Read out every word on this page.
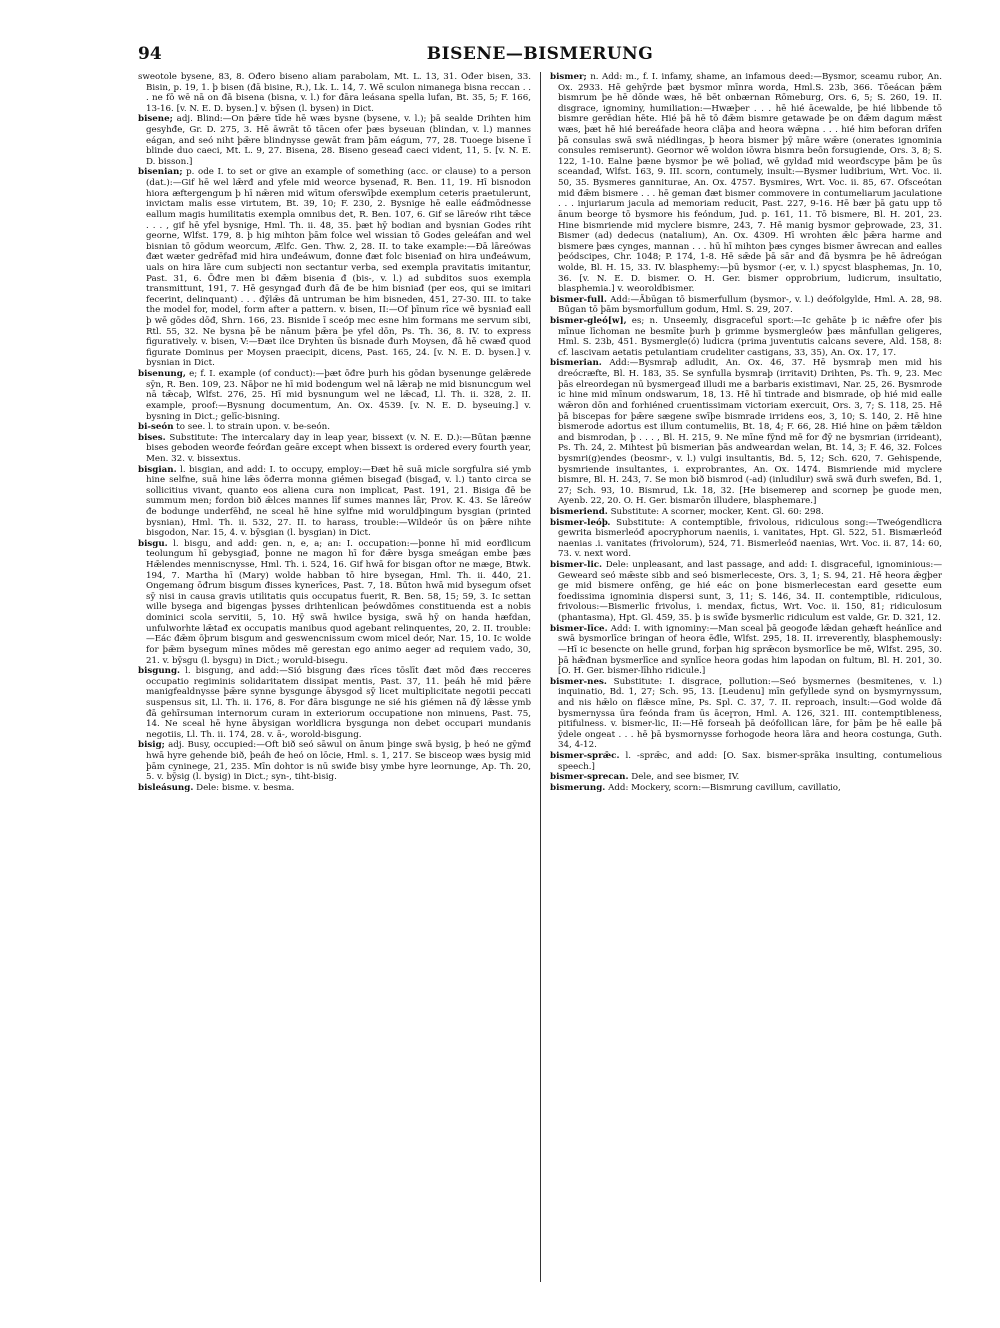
94	BISENE—BISMERUNG

sweotole bysene, 83, 8. Ōđero biseno aliam parabolam, Mt. L. 13, 31. Ōđer bisen, 33. Bisin, p. 19, 1. þ bisen (đā bisine, R.), Lk. L. 14, 7. Wē sculon nimanega bisna reccan . . . ne fō wē nā on đā bisena (bisna, v. l.) for đāra leásana spella lufan, Bt. 35, 5; F. 166, 13-16. [v. N. E. D. bysen.] v. bȳsen (l. bysen) in Dict.

bisene; adj. Blind:—On þǣre tīde hē wæs bysne (bysene, v. l.); þā sealde Drihten him gesyhđe, Gr. D. 275, 3. Hē āwrāt tō tācen ofer þæs byseuan (blindan, v. l.) mannes eágan, and seó niht þǣre blindnysse gewāt fram þām eágum, 77, 28. Tuoege bisene ī blinde duo caeci, Mt. L. 9, 27. Bisena, 28. Biseno geseađ caeci vident, 11, 5. [v. N. E. D. bisson.]

bisenian; p. ode I. to set or give an example of something (acc. or clause) to a person (dat.):—Gif hē wel lǣrđ and yfele mid weorce bysenađ, R. Ben. 11, 19. Hī bisnodon hiora æftergengum þ hī nǣren mid wītum oferswīþde exemplum ceteris praetulerunt, invictam malis esse virtutem, Bt. 39, 10; F. 230, 2. Bysnige hē ealle eáđmōdnesse eallum magis humilitatis exempla omnibus det, R. Ben. 107, 6. Gif se lāreów riht tǣce . . . , gif hē yfel bysnige, Hml. Th. ii. 48, 35. þæt hȳ bodian and bysnian Godes riht georne, Wlfst. 179, 8. þ hig mihton þām folce wel wissian tō Godes geleáfan and wel bisnian tō gōdum weorcum, Ælfc. Gen. Thw. 2, 28. II. to take example:—Đā lāreówas đæt wæter gedrēfađ mid hira unđeáwum, đonne đæt folc biseniađ on hira unđeáwum, uals on hira lāre cum subjecti non sectantur verba, sed exempla pravitatis imitantur, Past. 31, 6. Ōđre men bi đǣm bisenia đ (bis-, v. l.) ad subditos suos exempla transmittunt, 191, 7. Hē gesyngađ đurh đā đe be him bisniađ (per eos, qui se imitari fecerint, delinquant) . . . đȳlǣs đā untruman be him bisneden, 451, 27-30. III. to take the model for, model, form after a pattern. v. bisen, II:—Of þīnum rīce wē bysniađ eall þ wē gōdes dōđ, Shrn. 166, 23. Bisnide ī sceóp mec esne him formans me servum sibi, Rtl. 55, 32. Ne bysna þē be nānum þǣra þe yfel dōn, Ps. Th. 36, 8. IV. to express figuratively. v. bisen, V:—Đæt ilce Dryhten ūs bisnade đurh Moysen, đā hē cwæđ quod figurate Dominus per Moysen praecipit, dicens, Past. 165, 24. [v. N. E. D. bysen.] v. bysnian in Dict.

bisenung, e; f. I. example (of conduct):—þæt ōđre þurh his gōdan bysenunge gelǣrede sȳn, R. Ben. 109, 23. Nāþor ne hī mid bodengum wel nā lǣraþ ne mid bisnuncgum wel nā tǣcaþ, Wlfst. 276, 25. Hī mid bysnungum wel ne lǣcađ, Ll. Th. ii. 328, 2. II. example, proof:—Bysnung documentum, An. Ox. 4539. [v. N. E. D. byseuing.] v. bysning in Dict.; gelīc-bisning.

bi-seón to see. l. to strain upon. v. be-seón.

bises. Substitute: The intercalary day in leap year, bissext (v. N. E. D.):—Būtan þænne bises geboden weorđe feórđan geāre except when bissext is ordered every fourth year, Men. 32. v. bissextus.

bisgian. l. bisgian, and add: I. to occupy, employ:—Đæt hē suā micle sorgfulra sié ymb hine selfne, suā hine lǣs ōđerra monna giémen bisegađ (bisgađ, v. l.) tanto circa se sollicitius vivant, quanto eos aliena cura non implicat, Past. 191, 21. Bisiga đē be summum men; fordon bið ǣlces mannes līf sumes mannes lār, Prov. K. 43. Se lāreów đe bodunge underfēhđ, ne sceal hē hine sylfne mid woruldþingum bysgian (printed bysnian), Hml. Th. ii. 532, 27. II. to harass, trouble:—Wildeór ūs on þǣre nihte bisgodon, Nar. 15, 4. v. bȳsgian (l. bysgian) in Dict.

bisgu. l. bisgu, and add: gen. n, e, a; an: I. occupation:—þonne hī mid eorđlicum teolungum hī gebysgiađ, þonne ne magon hī for đǣre bysga smeágan embe þæs Hǣlendes menniscnysse, Hml. Th. i. 524, 16. Gif hwā for bisgan oftor ne mæge, Btwk. 194, 7. Martha hī (Mary) wolde habban tō hire bysegan, Hml. Th. ii. 440, 21. Ongemang ōđrum bisgum đisses kynerīces, Past. 7, 18. Būton hwā mid bysegum ofset sȳ nisi in causa gravis utilitatis quis occupatus fuerit, R. Ben. 58, 15; 59, 3. Ic settan wille bysega and bigengas þysses drihtenlican þeówdōmes constituenda est a nobis dominici scola servitii, 5, 10. Hȳ swā hwilce bysiga, swā hȳ on handa hæfdan, unfulworhte lǣtađ ex occupatis manibus quod agebant relinquentes, 20, 2. II. trouble:—Eác đǣm ōþrum bisgum and geswencnissum cwom micel deór, Nar. 15, 10. Ic wolde for þǣm bysegum mīnes mōdes mē gerestan ego animo aeger ad requiem vado, 30, 21. v. bȳsgu (l. bysgu) in Dict.; woruld-bisegu.

bisgung. l. bisgung, and add:—Sió bisgung đæs rīces tōslīt đæt mōd đæs recceres occupatio regiminis solidaritatem dissipat mentis, Past. 37, 11. þeáh hē mid þǣre manigfealdnysse þǣre synne bysgunge ābysgod sȳ licet multiplicitate negotii peccati suspensus sit, Ll. Th. ii. 176, 8. For đāra bisgunge ne sié his giémen nā đȳ lǣsse ymb đā gehīrsuman internorum curam in exteriorum occupatione non minuens, Past. 75, 14. Ne sceal hē hyne ābysigan worldlicra bysgunga non debet occupari mundanis negotiis, Ll. Th. ii. 174, 28. v. ā-, worold-bisgung.

bisig; adj. Busy, occupied:—Oft bið seó sāwul on ānum þinge swā bysig, þ heó ne gȳmđ hwā hyre gehende bið, þeáh đe heó on lōcie, Hml. s. 1, 217. Se bisceop wæs bysig mid þām cyninege, 21, 235. Mīn dohtor is nū swiđe bisy ymbe hyre leornunge, Ap. Th. 20, 5. v. bȳsig (l. bysig) in Dict.; syn-, tiht-bisig.

bisleásung. Dele: bisme. v. besma.

bismer; n. Add: m., f. I. infamy, shame, an infamous deed:—Bysmor, sceamu rubor, An. Ox. 2933. Hē gehȳrde þæt bysmor mīnra worda, Hml.S. 23b, 366. Tōeácan þǣm bismrum þe hē dōnde wæs, hē bēt onbærnan Rōmeburg, Ors. 6, 5; S. 260, 19. II. disgrace, ignominy, humiliation:—Hwæþer . . . hē hié ācewalde, þe hié libbende tō bismre gerēdian hēte. Hié þā hē tō đǣm bismre getawade þe on đǣm dagum mǣst wæs, þæt hē hié bereáfade heora clāþa and heora wǣpna . . . hié him beforan drīfen þā consulas swā swā niédlingas, þ heora bismer þȳ māre wǣre (onerates ignominia consules remiserunt). Geornor wē woldon iōwra bismra beōn forsugiende, Ors. 3, 8; S. 122, 1-10. Ealne þæne bysmor þe wē þoliađ, wē gyldađ mid weorđscype þām þe ūs sceandađ, Wlfst. 163, 9. III. scorn, contumely, insult:—Bysmer ludibrium, Wrt. Voc. ii. 50, 35. Bysmeres ganniturae, An. Ox. 4757. Bysmires, Wrt. Voc. ii. 85, 67. Ofsceótan mid đǣm bismere . . . hē geman đæt bismer commovere in contumeliarum jaculatione . . . injuriarum jacula ad memoriam reducit, Past. 227, 9-16. Hē bær þā gatu upp tō ānum beorge tō bysmore his feóndum, Jud. p. 161, 11. Tō bismere, Bl. H. 201, 23. Hine bismriende mid myclere bismre, 243, 7. Hē manig bysmor geþrowade, 23, 31. Bismer (ad) dedecus (natalium), An. Ox. 4309. Hī wrohten ǣlc þǣra harme and bismere þæs cynges, mannan . . . hū hī mihton þæs cynges bismer āwrecan and ealles þeódscipes, Chr. 1048; P. 174, 1-8. Hē sǣde þā sār and đā bysmra þe hē ādreógan wolde, Bl. H. 15, 33. IV. blasphemy:—þū bysmor (-er, v. l.) spycst blasphemas, Jn. 10, 36. [v. N. E. D. bismer. O. H. Ger. bismer opprobrium, ludicrum, insultatio, blasphemia.] v. weoroldbismer.

bismer-full. Add:—Ābūgan tō bismerfullum (bysmor-, v. l.) deófolgylde, Hml. A. 28, 98. Būgan tō þām bysmorfullum godum, Hml. S. 29, 207.

bismer-gleó[w], es; n. Unseemly, disgraceful sport:—Ic gehāte þ ic nǣfre ofer þis mīnue līchoman ne besmīte þurh þ grimme bysmergleów þæs mānfullan geligeres, Hml. S. 23b, 451. Bysmergle(ó) ludicra (prima juventutis calcans severe, Ald. 158, 8: cf. lascivam aetatis petulantiam crudeliter castigans, 33, 35), An. Ox. 17, 17.

bismerian. Add:—Bysmraþ adludit, An. Ox. 46, 37. Hē bysmraþ men mid his dreócræfte, Bl. H. 183, 35. Se synfulla bysmraþ (irritavit) Drihten, Ps. Th. 9, 23. Mec þās elreordegan nū bysmergeađ illudi me a barbaris existimavi, Nar. 25, 26. Bysmrode ic hine mid mīnum ondswarum, 18, 13. Hē hī tintrade and bismrade, oþ hié mid ealle wǣron dōn and forhiéned cruentissimam victoriam exercuit, Ors. 3, 7; S. 118, 25. Hē þā biscepas for þǣre sægene swīþe bismrade irridens eos, 3, 10; S. 140, 2. Hē hine bismerode adortus est illum contumeliis, Bt. 18, 4; F. 66, 28. Hié hine on þǣm tǣldon and bismrodan, þ . . . , Bl. H. 215, 9. Ne mīne fȳnd mē for đȳ ne bysmrian (irrideant), Ps. Th. 24, 2. Mihtest þū bismerian þās andweardan welan, Bt. 14, 3; F. 46, 32. Folces bysmri(g)endes (beosmr-, v. l.) vulgi insultantis, Bd. 5, 12; Sch. 620, 7. Gehispende, bysmriende insultantes, i. exprobrantes, An. Ox. 1474. Bismriende mid myclere bismre, Bl. H. 243, 7. Se mon bið bismrod (-ad) (inludilur) swā swā đurh swefen, Bd. 1, 27; Sch. 93, 10. Bismrud, Lk. 18, 32. [He bisemerep and scornep þe guode men, Ayenb. 22, 20. O. H. Ger. bismarōn illudere, blasphemare.]

bismeriend. Substitute: A scorner, mocker, Kent. Gl. 60: 298.

bismer-leóþ. Substitute: A contemptible, frivolous, ridiculous song:—Tweógendlicra gewrita bismerleóđ apocryphorum naeniis, i. vanitates, Hpt. Gl. 522, 51. Bismærleóđ naenias .i. vanitates (frivolorum), 524, 71. Bismerleóđ naenias, Wrt. Voc. ii. 87, 14: 60, 73. v. next word.

bismer-lic. Dele: unpleasant, and last passage, and add: I. disgraceful, ignominious:—Geweard seó mǣste sibb and seó bismerleceste, Ors. 3, 1; S. 94, 21. Hē heora ǣgþer ge mid bismere onfēng, ge hié eác on þone bismerlecestan eard gesette eum foedissima ignominia dispersi sunt, 3, 11; S. 146, 34. II. contemptible, ridiculous, frivolous:—Bismerlic frivolus, i. mendax, fictus, Wrt. Voc. ii. 150, 81; ridiculosum (phantasma), Hpt. Gl. 459, 35. þ is swīđe bysmerlic ridiculum est valde, Gr. D. 321, 12.

bismer-līce. Add: I. with ignominy:—Man sceal þā geogođe lǣdan gehæft heánlīce and swā bysmorlīce bringan of heora ēđle, Wlfst. 295, 18. II. irreverently, blasphemously:—Hī ic besencte on helle grund, forþan hig sprǣcon bysmorlīce be mē, Wlfst. 295, 30. þā hǣđnan bysmerlīce and synlīce heora godas him lapodan on fultum, Bl. H. 201, 30. [O. H. Ger. bismer-līhho ridicule.]

bismer-nes. Substitute: I. disgrace, pollution:—Seó bysmernes (besmitenes, v. l.) inquinatio, Bd. 1, 27; Sch. 95, 13. [Leudenu] mīn gefyllede synd on bysmyrnyssum, and nis hǣlo on flǣsce mīne, Ps. Spl. C. 37, 7. II. reproach, insult:—God wolde đā bysmernyssa ūra feónda fram ūs āceɼron, Hml. A. 126, 321. III. contemptibleness, pitifulness. v. bismer-lic, II:—Hē forseah þā deófollican lāre, for þām þe hē ealle þā ȳdele ongeat . . . hē þā bysmornysse forhogode heora lāra and heora costunga, Guth. 34, 4-12.

bismer-sprǣc. l. -sprǣc, and add: [O. Sax. bismer-sprāka insulting, contumelious speech.]

bismer-sprecan. Dele, and see bismer, IV.

bismerung. Add: Mockery, scorn:—Bismrung cavillum, cavillatio,
